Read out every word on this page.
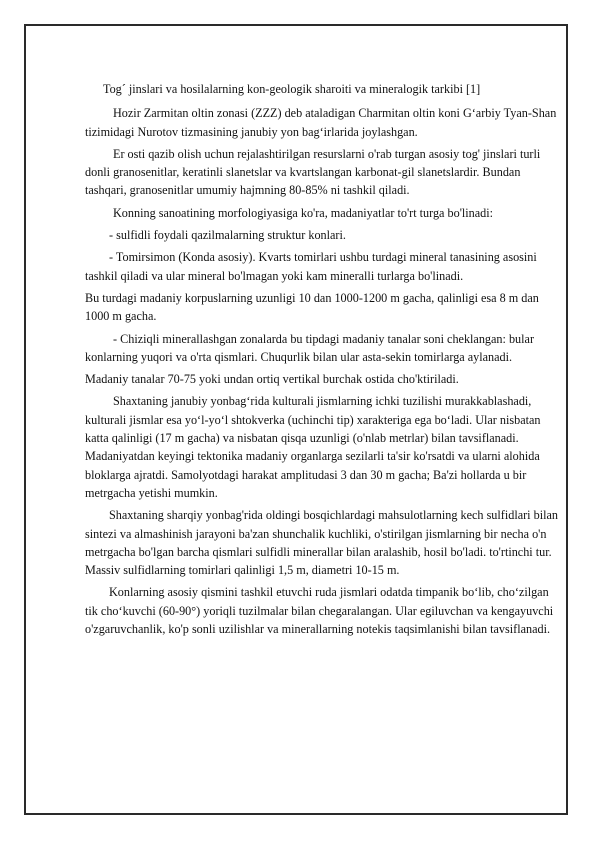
Tog´ jinslari va hosilalarning kon-geologik sharoiti va mineralogik tarkibi [1]

Hozir Zarmitan oltin zonasi (ZZZ) deb ataladigan Charmitan oltin koni G‘arbiy Tyan-Shan tizimidagi Nurotov tizmasining janubiy yon bag‘irlarida joylashgan.

Er osti qazib olish uchun rejalashtirilgan resurslarni o'rab turgan asosiy tog' jinslari turli donli granosenitlar, keratinli slanetslar va kvartslangan karbonat-gil slanetslardir. Bundan tashqari, granosenitlar umumiy hajmning 80-85% ni tashkil qiladi.

Konning sanoatining morfologiyasiga ko'ra, madaniyatlar to'rt turga bo'linadi:

- sulfidli foydali qazilmalarning struktur konlari.

- Tomirsimon (Konda asosiy). Kvarts tomirlari ushbu turdagi mineral tanasining asosini tashkil qiladi va ular mineral bo'lmagan yoki kam mineralli turlarga bo'linadi.

Bu turdagi madaniy korpuslarning uzunligi 10 dan 1000-1200 m gacha, qalinligi esa 8 m dan 1000 m gacha.

- Chiziqli minerallashgan zonalarda bu tipdagi madaniy tanalar soni cheklangan: bular konlarning yuqori va o'rta qismlari. Chuqurlik bilan ular asta-sekin tomirlarga aylanadi.

Madaniy tanalar 70-75 yoki undan ortiq vertikal burchak ostida cho'ktiriladi.

Shaxtaning janubiy yonbag‘rida kulturali jismlarning ichki tuzilishi murakkablashadi, kulturali jismlar esa yo‘l-yo‘l shtokverka (uchinchi tip) xarakteriga ega bo‘ladi. Ular nisbatan katta qalinligi (17 m gacha) va nisbatan qisqa uzunligi (o'nlab metrlar) bilan tavsiflanadi. Madaniyatdan keyingi tektonika madaniy organlarga sezilarli ta'sir ko'rsatdi va ularni alohida bloklarga ajratdi. Samolyotdagi harakat amplitudasi 3 dan 30 m gacha; Ba'zi hollarda u bir metrgacha yetishi mumkin.

Shaxtaning sharqiy yonbag'rida oldingi bosqichlardagi mahsulotlarning kech sulfidlari bilan sintezi va almashinish jarayoni ba'zan shunchalik kuchliki, o'stirilgan jismlarning bir necha o'n metrgacha bo'lgan barcha qismlari sulfidli minerallar bilan aralashib, hosil bo'ladi. to'rtinchi tur. Massiv sulfidlarning tomirlari qalinligi 1,5 m, diametri 10-15 m.

Konlarning asosiy qismini tashkil etuvchi ruda jismlari odatda timpanik bo‘lib, cho‘zilgan tik cho‘kuvchi (60-90°) yoriqli tuzilmalar bilan chegaralangan. Ular egiluvchan va kengayuvchi o'zgaruvchanlik, ko'p sonli uzilishlar va minerallarning notekis taqsimlanishi bilan tavsiflanadi.
